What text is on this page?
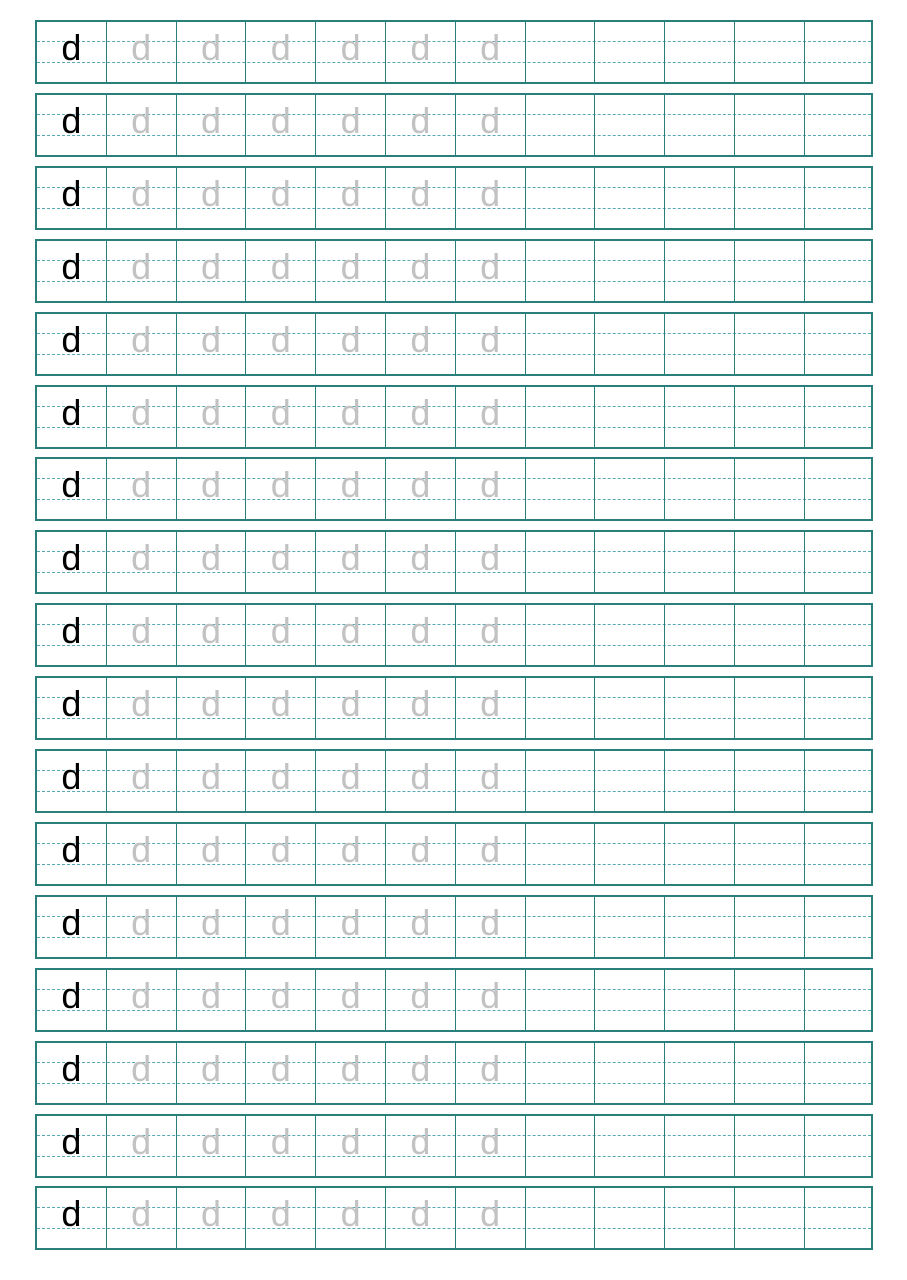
d	d	d	d	d	d	d
d	d	d	d	d	d	d
d	d	d	d	d	d	d
d	d	d	d	d	d	d
d	d	d	d	d	d	d
d	d	d	d	d	d	d
d	d	d	d	d	d	d
d	d	d	d	d	d	d
d	d	d	d	d	d	d
d	d	d	d	d	d	d
d	d	d	d	d	d	d
d	d	d	d	d	d	d
d	d	d	d	d	d	d
d	d	d	d	d	d	d
d	d	d	d	d	d	d
d	d	d	d	d	d	d
d	d	d	d	d	d	d
